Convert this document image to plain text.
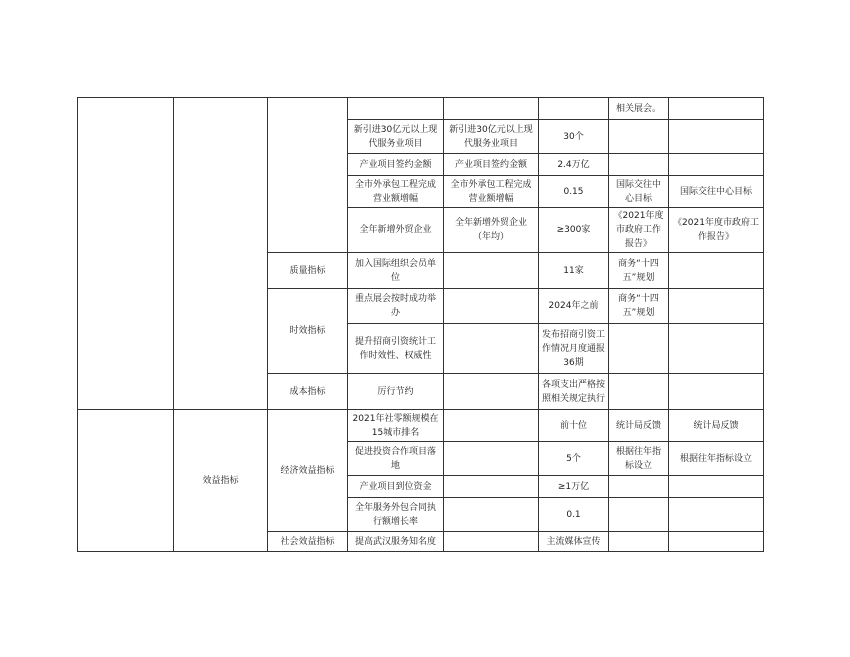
						相关展会。	
			新引进30亿元以上现代服务业项目	新引进30亿元以上现代服务业项目	30个		
			产业项目签约金额	产业项目签约金额	2.4万亿		
			全市外承包工程完成营业额增幅	全市外承包工程完成营业额增幅	0.15	国际交往中心目标	国际交往中心目标
			全年新增外贸企业	全年新增外贸企业（年均）	≥300家	《2021年度市政府工作报告》	《2021年度市政府工作报告》
		质量指标	加入国际组织会员单位		11家	商务“十四五”规划	
		时效指标	重点展会按时成功举办		2024年之前	商务“十四五”规划	
			提升招商引资统计工作时效性、权威性		发布招商引资工作情况月度通报36期		
		成本指标	厉行节约		各项支出严格按照相关规定执行		
	效益指标	经济效益指标	2021年社零额规模在15城市排名		前十位	统计局反馈	统计局反馈
			促进投资合作项目落地		5个	根据往年指标设立	根据往年指标设立
			产业项目到位资金		≥1万亿		
			全年服务外包合同执行额增长率		0.1		
		社会效益指标	提高武汉服务知名度		主流媒体宣传		
